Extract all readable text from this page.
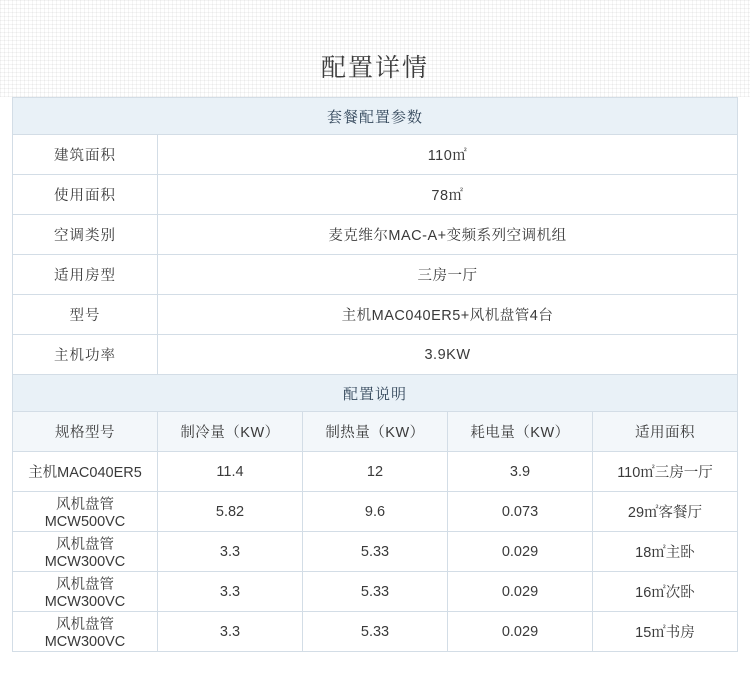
配置详情
套餐配置参数				
建筑面积	110㎡			
使用面积	78㎡			
空调类别	麦克维尔MAC-A+变频系列空调机组			
适用房型	三房一厅			
型号	主机MAC040ER5+风机盘管4台			
主机功率	3.9KW			
配置说明				
规格型号	制冷量（KW）	制热量（KW）	耗电量（KW）	适用面积
主机MAC040ER5	11.4	12	3.9	110㎡三房一厅
风机盘管MCW500VC	5.82	9.6	0.073	29㎡客餐厅
风机盘管MCW300VC	3.3	5.33	0.029	18㎡主卧
风机盘管MCW300VC	3.3	5.33	0.029	16㎡次卧
风机盘管MCW300VC	3.3	5.33	0.029	15㎡书房
